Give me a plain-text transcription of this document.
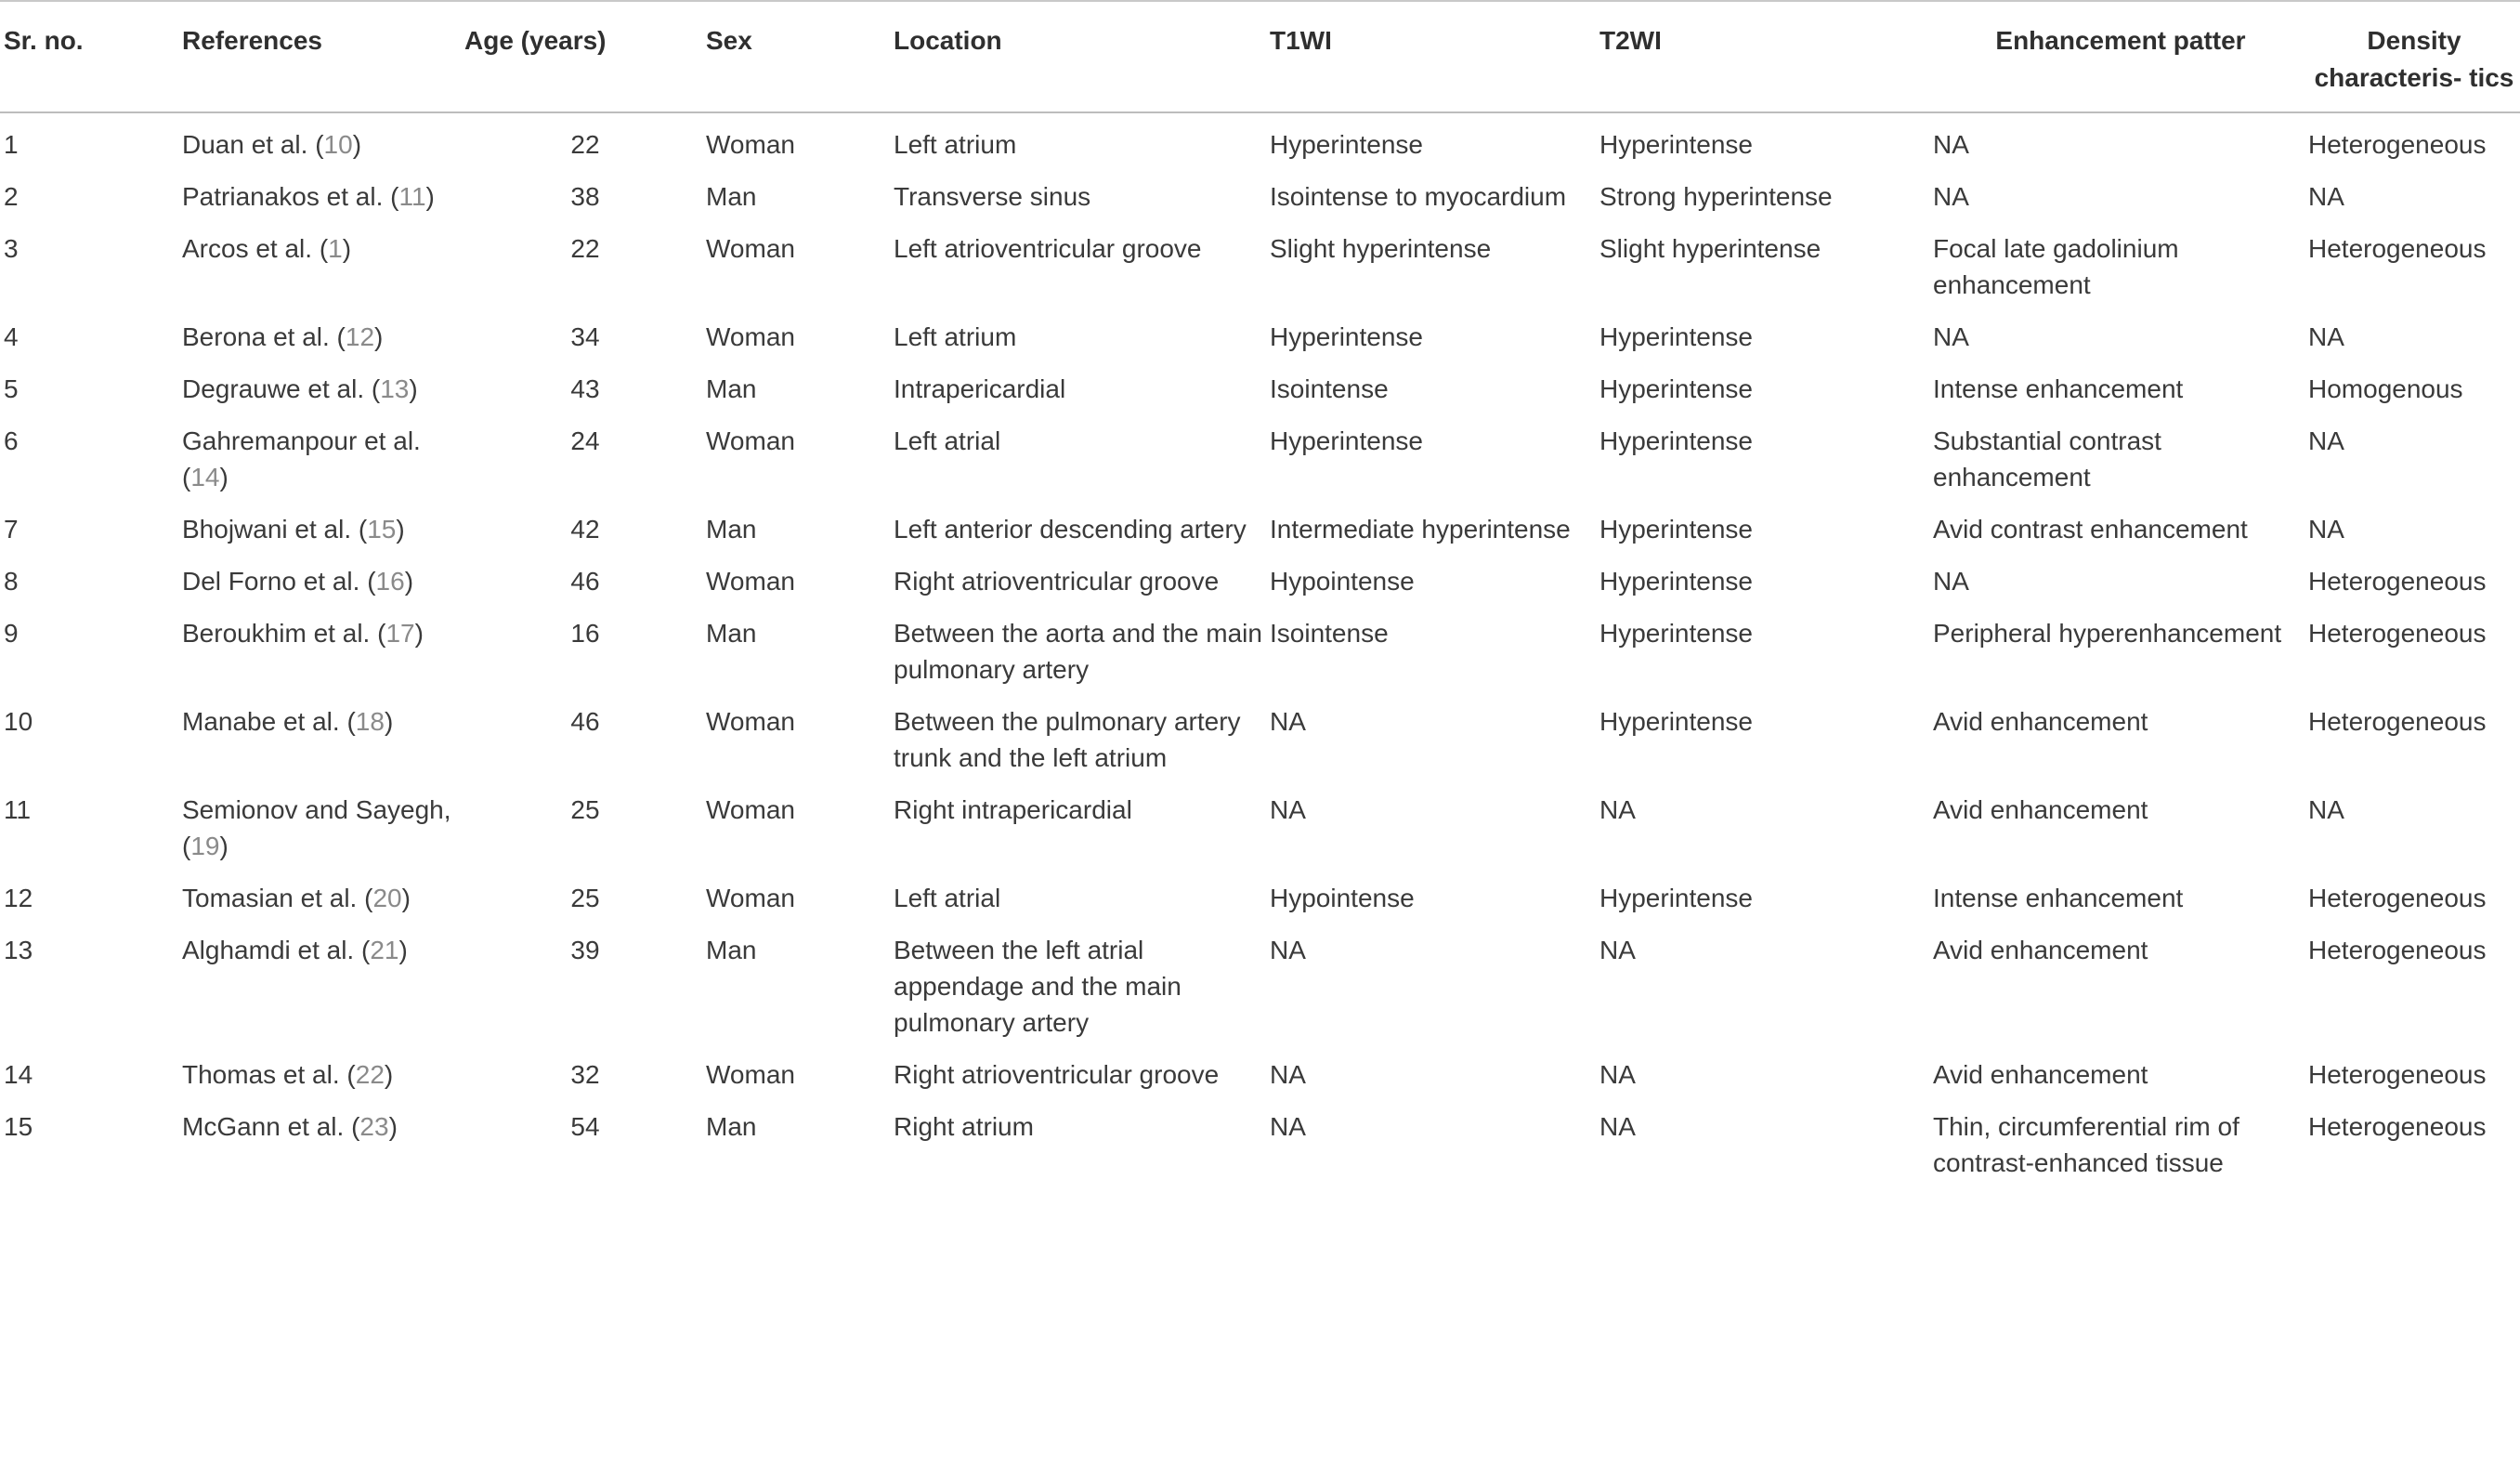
Sr. no.	References	Age (years)	Sex	Location	T1WI	T2WI	Enhancement patter	Density characteris- tics
1	Duan et al. (10)	22	Woman	Left atrium	Hyperintense	Hyperintense	NA	Heterogeneous
2	Patrianakos et al. (11)	38	Man	Transverse sinus	Isointense to myocardium	Strong hyperintense	NA	NA
3	Arcos et al. (1)	22	Woman	Left atrioventricular groove	Slight hyperintense	Slight hyperintense	Focal late gadolinium enhancement	Heterogeneous
4	Berona et al. (12)	34	Woman	Left atrium	Hyperintense	Hyperintense	NA	NA
5	Degrauwe et al. (13)	43	Man	Intrapericardial	Isointense	Hyperintense	Intense enhancement	Homogenous
6	Gahremanpour et al. (14)	24	Woman	Left atrial	Hyperintense	Hyperintense	Substantial contrast enhancement	NA
7	Bhojwani et al. (15)	42	Man	Left anterior descending artery	Intermediate hyperintense	Hyperintense	Avid contrast enhancement	NA
8	Del Forno et al. (16)	46	Woman	Right atrioventricular groove	Hypointense	Hyperintense	NA	Heterogeneous
9	Beroukhim et al. (17)	16	Man	Between the aorta and the main pulmonary artery	Isointense	Hyperintense	Peripheral hyperenhancement	Heterogeneous
10	Manabe et al. (18)	46	Woman	Between the pulmonary artery trunk and the left atrium	NA	Hyperintense	Avid enhancement	Heterogeneous
11	Semionov and Sayegh, (19)	25	Woman	Right intrapericardial	NA	NA	Avid enhancement	NA
12	Tomasian et al. (20)	25	Woman	Left atrial	Hypointense	Hyperintense	Intense enhancement	Heterogeneous
13	Alghamdi et al. (21)	39	Man	Between the left atrial appendage and the main pulmonary artery	NA	NA	Avid enhancement	Heterogeneous
14	Thomas et al. (22)	32	Woman	Right atrioventricular groove	NA	NA	Avid enhancement	Heterogeneous
15	McGann et al. (23)	54	Man	Right atrium	NA	NA	Thin, circumferential rim of contrast-enhanced tissue	Heterogeneous
